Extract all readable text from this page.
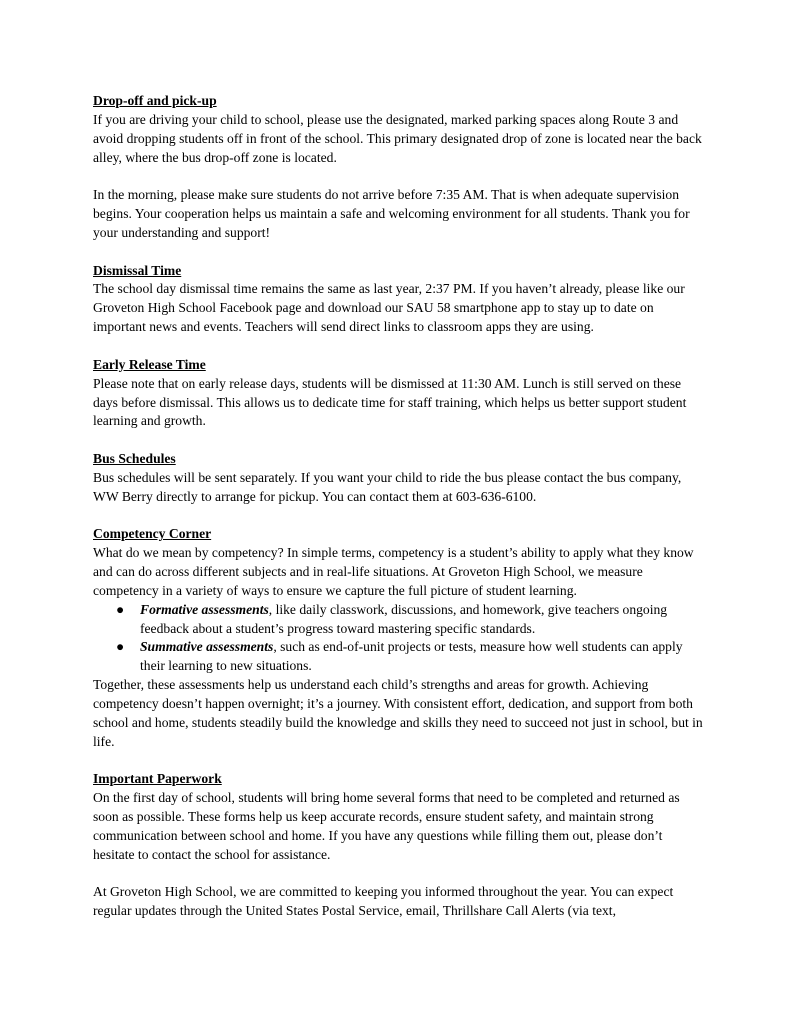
Drop-off and pick-up

If you are driving your child to school, please use the designated, marked parking spaces along Route 3 and avoid dropping students off in front of the school. This primary designated drop of zone is located near the back alley, where the bus drop-off zone is located.

In the morning, please make sure students do not arrive before 7:35 AM. That is when adequate supervision begins. Your cooperation helps us maintain a safe and welcoming environment for all students. Thank you for your understanding and support!

Dismissal Time

The school day dismissal time remains the same as last year, 2:37 PM. If you haven’t already, please like our Groveton High School Facebook page and download our SAU 58 smartphone app to stay up to date on important news and events. Teachers will send direct links to classroom apps they are using.

Early Release Time

Please note that on early release days, students will be dismissed at 11:30 AM. Lunch is still served on these days before dismissal. This allows us to dedicate time for staff training, which helps us better support student learning and growth.

Bus Schedules

Bus schedules will be sent separately. If you want your child to ride the bus please contact the bus company, WW Berry directly to arrange for pickup. You can contact them at 603-636-6100.

Competency Corner

What do we mean by competency? In simple terms, competency is a student’s ability to apply what they know and can do across different subjects and in real-life situations. At Groveton High School, we measure competency in a variety of ways to ensure we capture the full picture of student learning.

● Formative assessments, like daily classwork, discussions, and homework, give teachers ongoing feedback about a student’s progress toward mastering specific standards.
● Summative assessments, such as end-of-unit projects or tests, measure how well students can apply their learning to new situations.

Together, these assessments help us understand each child’s strengths and areas for growth. Achieving competency doesn’t happen overnight; it’s a journey. With consistent effort, dedication, and support from both school and home, students steadily build the knowledge and skills they need to succeed not just in school, but in life.

Important Paperwork

On the first day of school, students will bring home several forms that need to be completed and returned as soon as possible. These forms help us keep accurate records, ensure student safety, and maintain strong communication between school and home. If you have any questions while filling them out, please don’t hesitate to contact the school for assistance.

At Groveton High School, we are committed to keeping you informed throughout the year. You can expect regular updates through the United States Postal Service, email, Thrillshare Call Alerts (via text,
